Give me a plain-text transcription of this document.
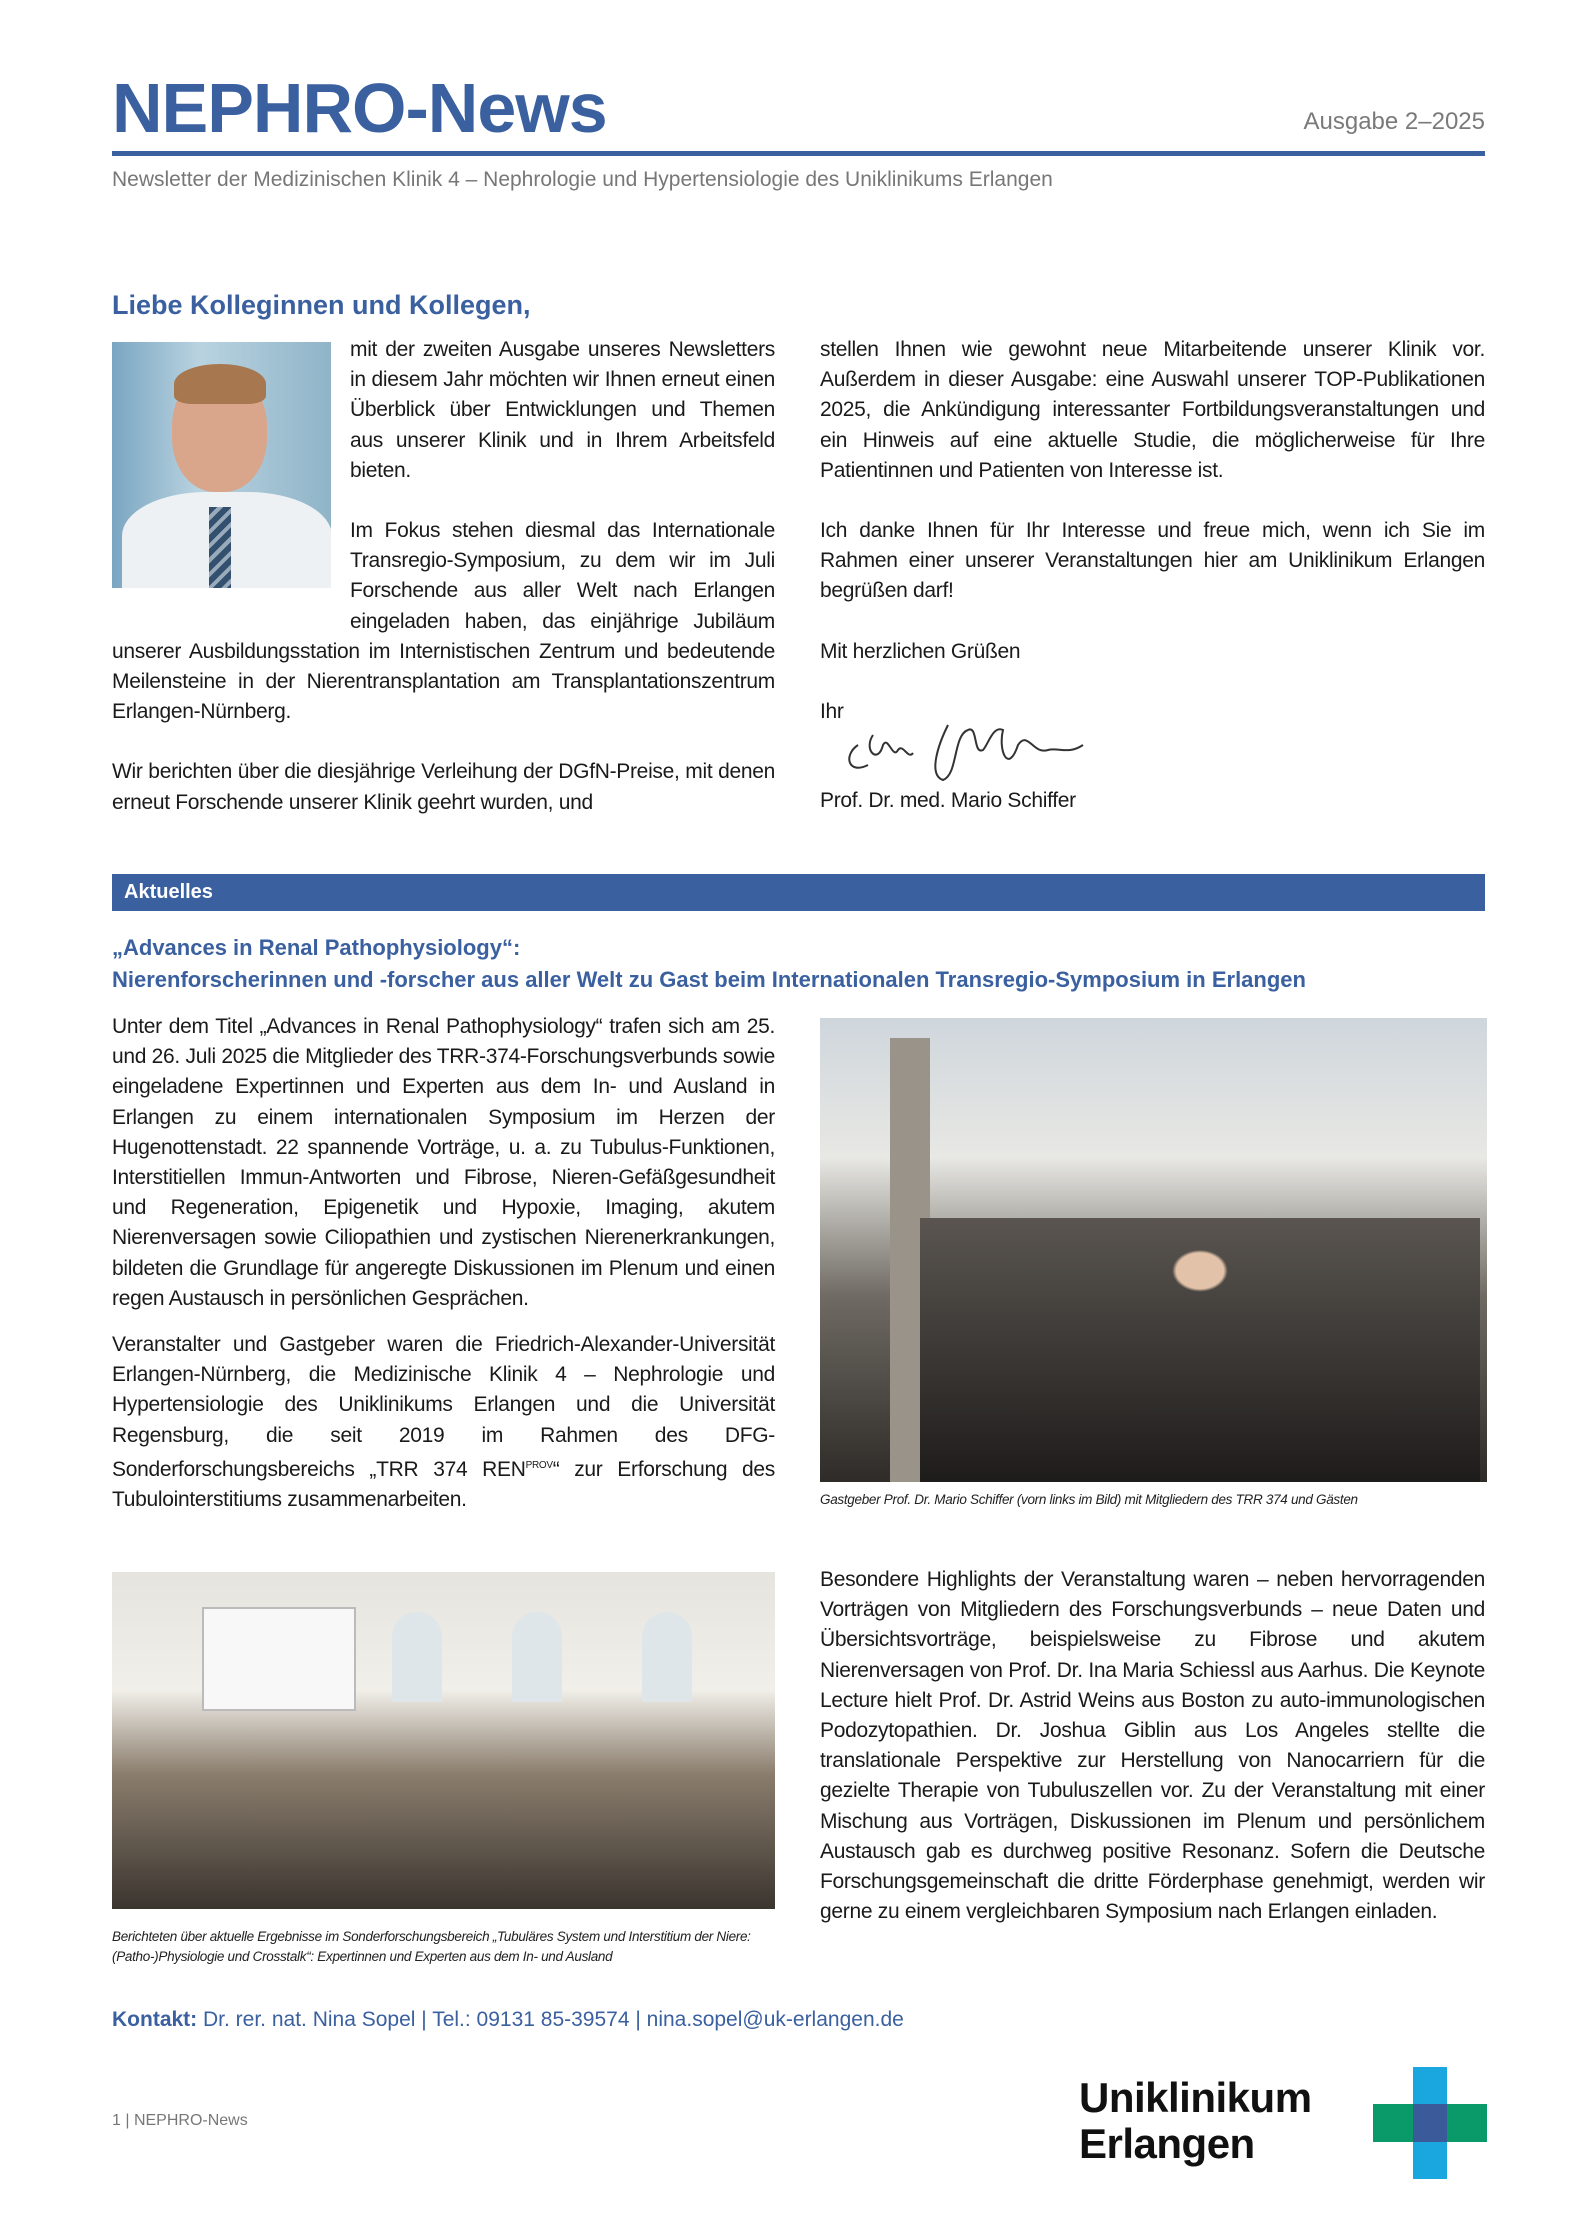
NEPHRO-News	Ausgabe 2–2025
Newsletter der Medizinischen Klinik 4 – Nephrologie und Hypertensiologie des Uniklinikums Erlangen
Liebe Kolleginnen und Kollegen,

mit der zweiten Ausgabe unseres Newsletters in diesem Jahr möchten wir Ihnen erneut einen Überblick über Entwicklungen und Themen aus unserer Klinik und in Ihrem Arbeitsfeld bieten.

Im Fokus stehen diesmal das Internationale Transregio-Symposium, zu dem wir im Juli Forschende aus aller Welt nach Erlangen eingeladen haben, das einjährige Jubiläum unserer Ausbildungsstation im Internistischen Zentrum und bedeutende Meilensteine in der Nierentransplantation am Transplantationszentrum Erlangen-Nürnberg.

Wir berichten über die diesjährige Verleihung der DGfN-Preise, mit denen erneut Forschende unserer Klinik geehrt wurden, und

stellen Ihnen wie gewohnt neue Mitarbeitende unserer Klinik vor. Außerdem in dieser Ausgabe: eine Auswahl unserer TOP-Publikationen 2025, die Ankündigung interessanter Fortbildungsveranstaltungen und ein Hinweis auf eine aktuelle Studie, die möglicherweise für Ihre Patientinnen und Patienten von Interesse ist.

Ich danke Ihnen für Ihr Interesse und freue mich, wenn ich Sie im Rahmen einer unserer Veranstaltungen hier am Uniklinikum Erlangen begrüßen darf!

Mit herzlichen Grüßen

Ihr

Prof. Dr. med. Mario Schiffer
Aktuelles
„Advances in Renal Pathophysiology“:
Nierenforscherinnen und -forscher aus aller Welt zu Gast beim Internationalen Transregio-Symposium in Erlangen

Unter dem Titel „Advances in Renal Pathophysiology“ trafen sich am 25. und 26. Juli 2025 die Mitglieder des TRR-374-Forschungsverbunds sowie eingeladene Expertinnen und Experten aus dem In- und Ausland in Erlangen zu einem internationalen Symposium im Herzen der Hugenottenstadt. 22 spannende Vorträge, u. a. zu Tubulus-Funktionen, Interstitiellen Immun-Antworten und Fibrose, Nieren-Gefäßgesundheit und Regeneration, Epigenetik und Hypoxie, Imaging, akutem Nierenversagen sowie Ciliopathien und zystischen Nierenerkrankungen, bildeten die Grundlage für angeregte Diskussionen im Plenum und einen regen Austausch in persönlichen Gesprächen.

Veranstalter und Gastgeber waren die Friedrich-Alexander-Universität Erlangen-Nürnberg, die Medizinische Klinik 4 – Nephrologie und Hypertensiologie des Uniklinikums Erlangen und die Universität Regensburg, die seit 2019 im Rahmen des DFG-Sonderforschungsbereichs „TRR 374 $REN^{PROV}“$ zur Erforschung des Tubulointerstitiums zusammenarbeiten.	Gastgeber Prof. Dr. Mario Schiffer (vorn links im Bild) mit Mitgliedern des TRR 374 und Gästen
Berichteten über aktuelle Ergebnisse im Sonderforschungsbereich „Tubuläres System und Interstitium der Niere: (Patho-)Physiologie und Crosstalk“: Expertinnen und Experten aus dem In- und Ausland

Besondere Highlights der Veranstaltung waren – neben hervorragenden Vorträgen von Mitgliedern des Forschungsverbunds – neue Daten und Übersichtsvorträge, beispielsweise zu Fibrose und akutem Nierenversagen von Prof. Dr. Ina Maria Schiessl aus Aarhus. Die Keynote Lecture hielt Prof. Dr. Astrid Weins aus Boston zu auto-immunologischen Podozytopathien. Dr. Joshua Giblin aus Los Angeles stellte die translationale Perspektive zur Herstellung von Nanocarriern für die gezielte Therapie von Tubuluszellen vor. Zu der Veranstaltung mit einer Mischung aus Vorträgen, Diskussionen im Plenum und persönlichem Austausch gab es durchweg positive Resonanz. Sofern die Deutsche Forschungsgemeinschaft die dritte Förderphase genehmigt, werden wir gerne zu einem vergleichbaren Symposium nach Erlangen einladen.

Kontakt: Dr. rer. nat. Nina Sopel | Tel.: 09131 85-39574 | nina.sopel@uk-erlangen.de
1 | NEPHRO-News	Uniklinikum
Erlangen
